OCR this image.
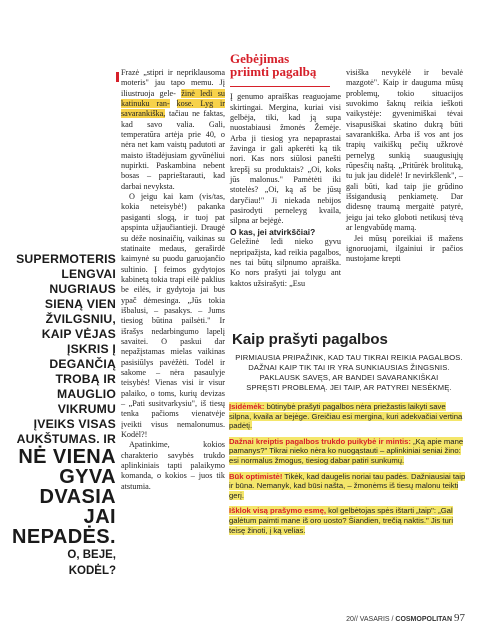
SUPERMOTERIS
LENGVAI
NUGRIAUS
SIENĄ VIEN
ŽVILGSNIU,
KAIP VĖJAS
ĮSKRIS Į
DEGANČIĄ
TROBĄ IR
MAUGLIO
VIKRUMU
ĮVEIKS VISAS
AUKŠTUMAS. IR
NĖ VIENA
GYVA
DVASIA JAI
NEPADĖS.
O, BEJE,
KODĖL?

Frazė „stipri ir nepriklausoma moteris" jau tapo memu. Jį iliustruoja gele- žinė ledi su katinuku ran- kose. Lyg ir savarankiška, tačiau ne faktas, kad savo valia. Gali, temperatūra artėja prie 40, o nėra net kam vaistų padutoti ar maisto ištadėjusiam gyvūnėliui nupirkti. Paskambina nebent bosas – paprieštarauti, kad darbai nevyksta.

O jeigu kai kam (vis/tas, kokia neteisybė!) pakanka pasiganti slogą, ir tuoj pat apspinta užjaučiantieji. Draugė su dėže nosinaičių, vaikinas su statinaite medaus, geraširdė kaimynė su puodu garuojančio sultinio. Į feimos gydytojos kabinetą tokia trapi eilė paklius be eilės, ir gydytoja jai bus ypač dėmesinga. „Jūs tokia išbalusi, – pasakys. – Jums tiesiog būtina pailsėti." Ir išrašys nedarbingumo lapelį savaitei. O paskui dar nepažįstamas mielas vaikinas pasisiūlys pavėžėti. Todėl ir sakome – nėra pasaulyje teisybės! Vienas visi ir visur palaiko, o toms, kurių devizas – „Pati susitvarkysiu", iš tiesų tenka pačioms vienatvėje įveikti visus nemalonumus. Kodėl?!

Apatinkime, kokios charakterio savybės trukdo aplinkiniais tapti palaikymo komanda, o kokios – juos tik atstumia.

Gebėjimas
priimti pagalbą

Į genumo apraiškas reaguojame skirtingai. Mergina, kuriai visi gelbėja, tiki, kad ją supa nuostabiausi žmonės Žemėje. Arba ji tiesiog yra nepaprastai žavinga ir gali apkerėti ką tik nori. Kas nors siūlosi panešti krepšį su produktais? „Oi, koks jūs malonus." Pamėtėti iki stotelės? „Oi, ką aš be jūsų daryčiau!" Ji niekada nebijos pasirodyti perneleyg kvaila, silpna ar bejėgė.

O kas, jei atvirkščiai?

Geležinė ledi nieko gyvu nepripažįsta, kad reikia pagalbos, nes tai būtų silpnumo apraiška. Ko nors prašyti jai tolygu ant kaktos užsirašyti: „Esu

visiška nevykėlė ir bevalė mazgotė". Kaip ir dauguma mūsų problemų, tokio situacijos suvokimo šaknų reikia ieškoti vaikystėje: gyvenimiškai tėvai visapusiškai skatino dukrą būti savarankiška. Arba iš vos ant jos trapių vaikiškų pečių užkrovė pernelyg sunkią suaugusiųjų rūpesčių naštą. „Pritūrėk brolituką, tu juk jau didelė! Ir nevirkšlenk", – gali būti, kad taip jie grūdino išsigandusią penkiametę. Dar didesnę traumą mergaitė patyrė, jeigu jai teko globoti netikusį tėvą ar lengvabūdę mamą.

Jei mūsų poreikiai iš mažens ignoruojami, ilgainiui ir pačios nustojame krepti

Kaip prašyti pagalbos
PIRMIAUSIA PRIPAŽINK, KAD TAU TIKRAI REIKIA PAGALBOS.
DAŽNAI KAIP TIK TAI IR YRA SUNKIAUSIAS ŽINGSNIS.
PAKLAUSK SAVĘS, AR BANDEI SAVARANKIŠKAI
SPRĘSTI PROBLEMĄ. JEI TAIP, AR PATYREI NESĖKMĘ.

Įsidėmėk: būtinybė prašyti pagalbos nėra priežastis laikyti save silpna, kvaila ar bejėge. Greičiau esi mergina, kuri adekvačiai vertina padėtį.

Dažnai kreiptis pagalbos trukdo puikybė ir mintis: „Ką apie mane pamanys?" Tikrai nieko nėra ko nuogąstauti – aplinkiniai seniai žino: esi normalus žmogus, tiesiog dabar patiri sunkumų.

Būk optimistė! Tikėk, kad daugelis noriai tau padės. Dažniausiai taip ir būna. Nemanyk, kad būsi našta, – žmonėms iš tiesų malonu teikti gerį.

Išklok visą prašymo esmę, kol gelbėtojas spės ištarti „taip": „Gal galėtum paimti mane iš oro uosto? Šiandien, trečią naktis." Jis turi teisę žinoti, į ką velias.

20// VASARIS / COSMOPOLITAN 97
